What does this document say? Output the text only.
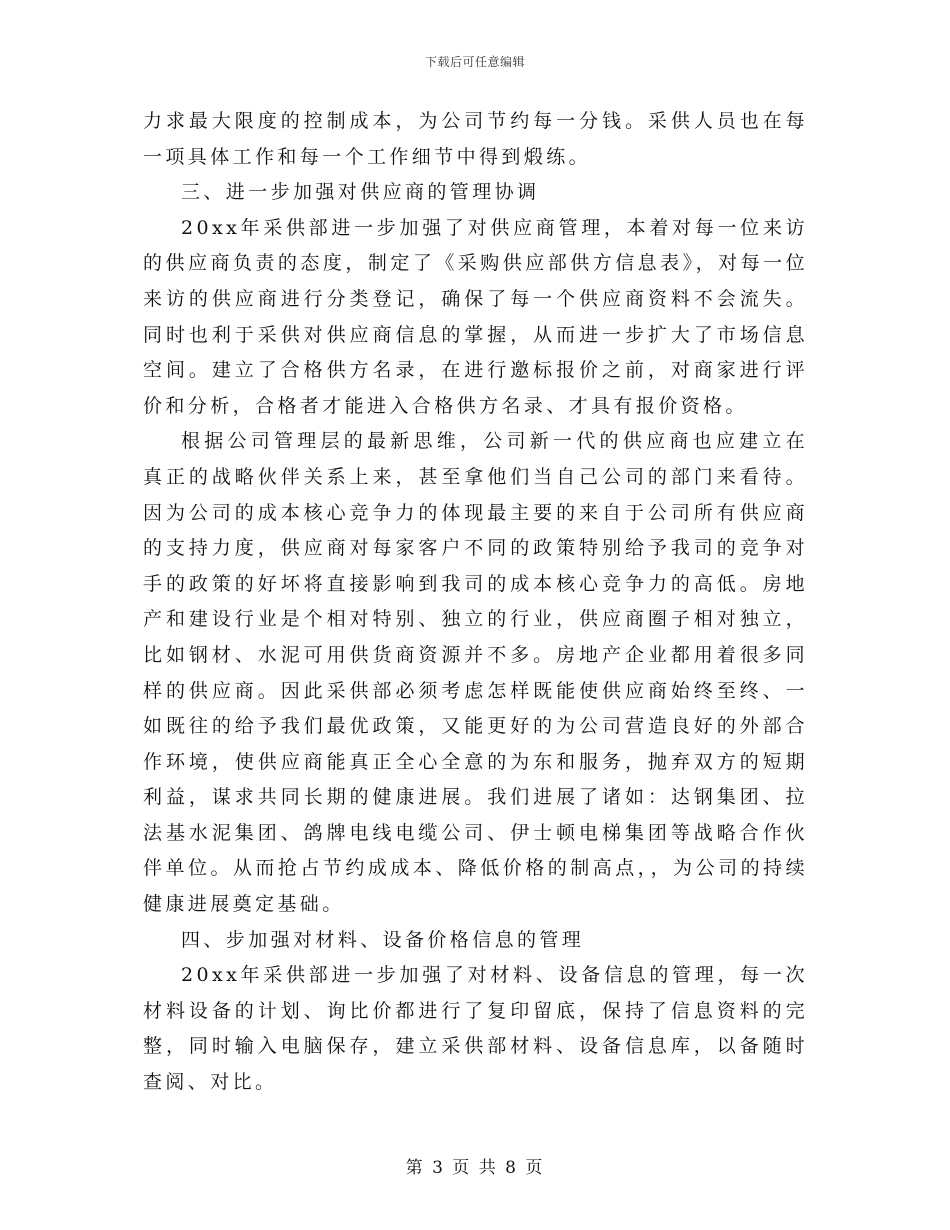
下载后可任意编辑

力求最大限度的控制成本，为公司节约每一分钱。采供人员也在每一项具体工作和每一个工作细节中得到煅练。

三、进一步加强对供应商的管理协调

20xx年采供部进一步加强了对供应商管理，本着对每一位来访的供应商负责的态度，制定了《采购供应部供方信息表》，对每一位来访的供应商进行分类登记，确保了每一个供应商资料不会流失。同时也利于采供对供应商信息的掌握，从而进一步扩大了市场信息空间。建立了合格供方名录，在进行邀标报价之前，对商家进行评价和分析，合格者才能进入合格供方名录、才具有报价资格。

根据公司管理层的最新思维，公司新一代的供应商也应建立在真正的战略伙伴关系上来，甚至拿他们当自己公司的部门来看待。因为公司的成本核心竞争力的体现最主要的来自于公司所有供应商的支持力度，供应商对每家客户不同的政策特别给予我司的竞争对手的政策的好坏将直接影响到我司的成本核心竞争力的高低。房地产和建设行业是个相对特别、独立的行业，供应商圈子相对独立，比如钢材、水泥可用供货商资源并不多。房地产企业都用着很多同样的供应商。因此采供部必须考虑怎样既能使供应商始终至终、一如既往的给予我们最优政策，又能更好的为公司营造良好的外部合作环境，使供应商能真正全心全意的为东和服务，抛弃双方的短期利益，谋求共同长期的健康进展。我们进展了诸如：达钢集团、拉法基水泥集团、鸽牌电线电缆公司、伊士顿电梯集团等战略合作伙伴单位。从而抢占节约成成本、降低价格的制高点，，为公司的持续健康进展奠定基础。

四、步加强对材料、设备价格信息的管理

20xx年采供部进一步加强了对材料、设备信息的管理，每一次材料设备的计划、询比价都进行了复印留底，保持了信息资料的完整，同时输入电脑保存，建立采供部材料、设备信息库，以备随时查阅、对比。

第 3 页 共 8 页
